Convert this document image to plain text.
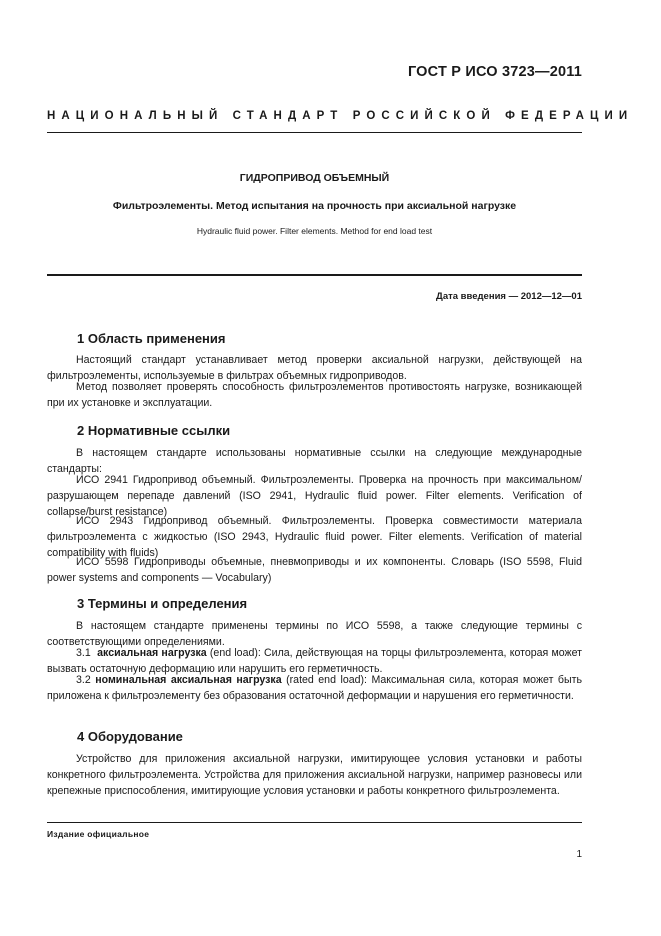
ГОСТ Р ИСО 3723—2011
НАЦИОНАЛЬНЫЙ СТАНДАРТ РОССИЙСКОЙ ФЕДЕРАЦИИ
ГИДРОПРИВОД ОБЪЕМНЫЙ
Фильтроэлементы. Метод испытания на прочность при аксиальной нагрузке
Hydraulic fluid power. Filter elements. Method for end load test
Дата введения — 2012—12—01
1 Область применения

Настоящий стандарт устанавливает метод проверки аксиальной нагрузки, действующей на фильтроэлементы, используемые в фильтрах объемных гидроприводов.

Метод позволяет проверять способность фильтроэлементов противостоять нагрузке, возникающей при их установке и эксплуатации.

2 Нормативные ссылки

В настоящем стандарте использованы нормативные ссылки на следующие международные стандарты:

ИСО 2941 Гидропривод объемный. Фильтроэлементы. Проверка на прочность при максимальном/разрушающем перепаде давлений (ISO 2941, Hydraulic fluid power. Filter elements. Verification of collapse/burst resistance)

ИСО 2943 Гидропривод объемный. Фильтроэлементы. Проверка совместимости материала фильтроэлемента с жидкостью (ISO 2943, Hydraulic fluid power. Filter elements. Verification of material compatibility with fluids)

ИСО 5598 Гидроприводы объемные, пневмоприводы и их компоненты. Словарь (ISO 5598, Fluid power systems and components — Vocabulary)

3 Термины и определения

В настоящем стандарте применены термины по ИСО 5598, а также следующие термины с соответствующими определениями.

3.1 аксиальная нагрузка (end load): Сила, действующая на торцы фильтроэлемента, которая может вызвать остаточную деформацию или нарушить его герметичность.

3.2 номинальная аксиальная нагрузка (rated end load): Максимальная сила, которая может быть приложена к фильтроэлементу без образования остаточной деформации и нарушения его герметичности.

4 Оборудование

Устройство для приложения аксиальной нагрузки, имитирующее условия установки и работы конкретного фильтроэлемента. Устройства для приложения аксиальной нагрузки, например разновесы или крепежные приспособления, имитирующие условия установки и работы конкретного фильтроэлемента.

Издание официальное
1
